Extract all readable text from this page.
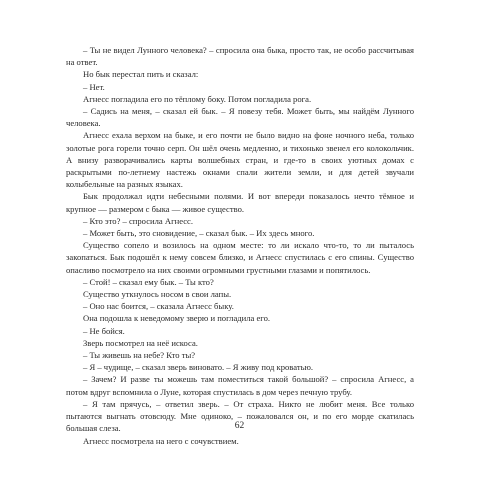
– Ты не видел Лунного человека? – спросила она быка, просто так, не особо рассчитывая на ответ.

Но бык перестал пить и сказал:

– Нет.

Агнесс погладила его по тёплому боку. Потом погладила рога.

– Садись на меня, – сказал ей бык. – Я повезу тебя. Может быть, мы найдём Лунного человека.

Агнесс ехала верхом на быке, и его почти не было видно на фоне ночного неба, только золотые рога горели точно серп. Он шёл очень медленно, и тихонько звенел его колокольчик. А внизу разворачивались карты волшебных стран, и где-то в своих уютных домах с раскрытыми по-летнему настежь окнами спали жители земли, и для детей звучали колыбельные на разных языках.

Бык продолжал идти небесными полями. И вот впереди показалось нечто тёмное и крупное — размером с быка — живое существо.

– Кто это? – спросила Агнесс.

– Может быть, это сновидение, – сказал бык. – Их здесь много.

Существо сопело и возилось на одном месте: то ли искало что-то, то ли пыталось закопаться. Бык подошёл к нему совсем близко, и Агнесс спустилась с его спины. Существо опасливо посмотрело на них своими огромными грустными глазами и попятилось.

– Стой! – сказал ему бык. – Ты кто?

Существо уткнулось носом в свои лапы.

– Оно нас боится, – сказала Агнесс быку.

Она подошла к неведомому зверю и погладила его.

– Не бойся.

Зверь посмотрел на неё искоса.

– Ты живешь на небе? Кто ты?

– Я – чудище, – сказал зверь виновато. – Я живу под кроватью.

– Зачем? И разве ты можешь там поместиться такой большой? – спросила Агнесс, а потом вдруг вспомнила о Луне, которая спустилась в дом через печную трубу.

– Я там прячусь, – ответил зверь. – От страха. Никто не любит меня. Все только пытаются выгнать отовсюду. Мне одиноко, – пожаловался он, и по его морде скатилась большая слеза.

Агнесс посмотрела на него с сочувствием.

62
